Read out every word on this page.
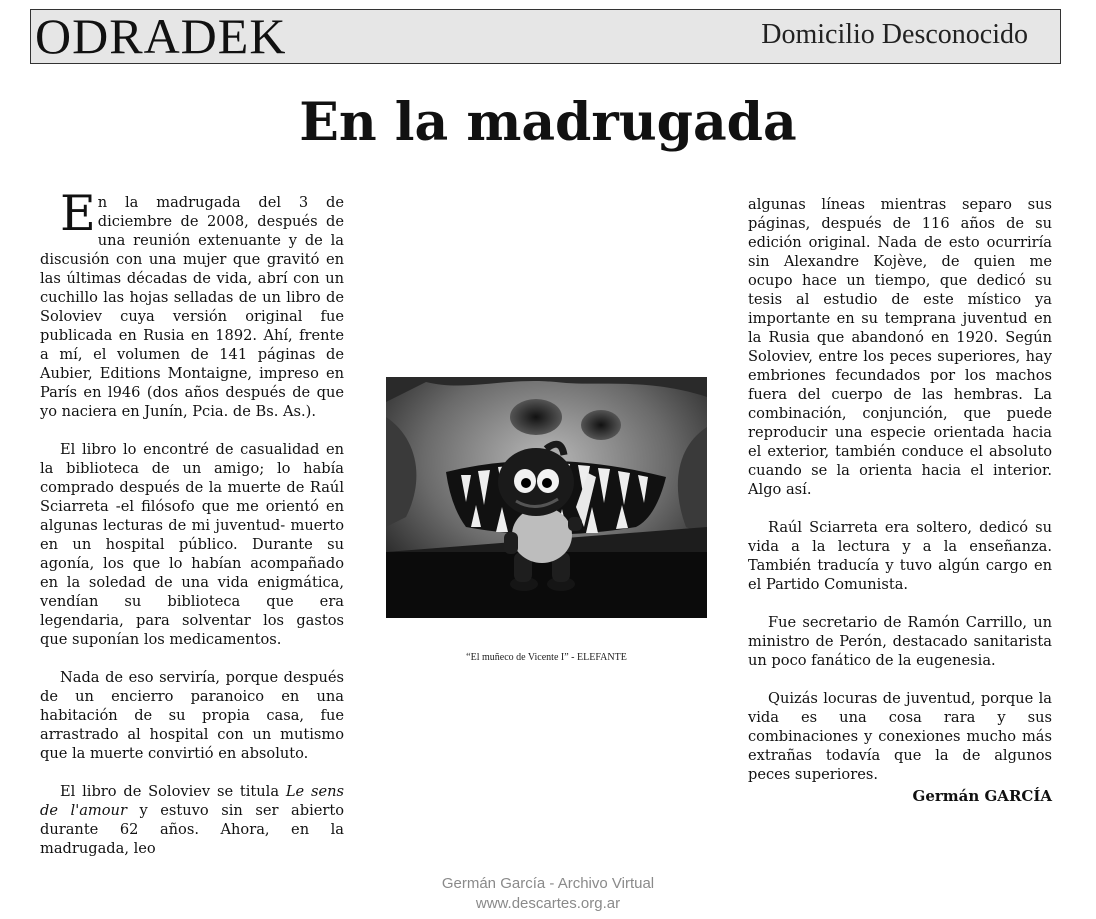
ODRADEK	Domicilio Desconocido
En la madrugada

En la madrugada del 3 de diciembre de 2008, después de una reunión extenuante y de la discusión con una mujer que gravitó en las últimas décadas de vida, abrí con un cuchillo las hojas selladas de un libro de Soloviev cuya versión original fue publicada en Rusia en 1892. Ahí, frente a mí, el volumen de 141 páginas de Aubier, Editions Montaigne, impreso en París en l946 (dos años después de que yo naciera en Junín, Pcia. de Bs. As.).

El libro lo encontré de casualidad en la biblioteca de un amigo; lo había comprado después de la muerte de Raúl Sciarreta -el filósofo que me orientó en algunas lecturas de mi juventud- muerto en un hospital público. Durante su agonía, los que lo habían acompañado en la soledad de una vida enigmática, vendían su biblioteca que era legendaria, para solventar los gastos que suponían los medicamentos.

Nada de eso serviría, porque después de un encierro paranoico en una habitación de su propia casa, fue arrastrado al hospital con un mutismo que la muerte convirtió en absoluto.

El libro de Soloviev se titula Le sens de l'amour y estuvo sin ser abierto durante 62 años. Ahora, en la madrugada, leo

“El muñeco de Vicente I” - ELEFANTE

algunas líneas mientras separo sus páginas, después de 116 años de su edición original. Nada de esto ocurriría sin Alexandre Kojève, de quien me ocupo hace un tiempo, que dedicó su tesis al estudio de este místico ya importante en su temprana juventud en la Rusia que abandonó en 1920. Según Soloviev, entre los peces superiores, hay embriones fecundados por los machos fuera del cuerpo de las hembras. La combinación, conjunción, que puede reproducir una especie orientada hacia el exterior, también conduce el absoluto cuando se la orienta hacia el interior. Algo así.

Raúl Sciarreta era soltero, dedicó su vida a la lectura y a la enseñanza. También traducía y tuvo algún cargo en el Partido Comunista.

Fue secretario de Ramón Carrillo, un ministro de Perón, destacado sanitarista un poco fanático de la eugenesia.

Quizás locuras de juventud, porque la vida es una cosa rara y sus combinaciones y conexiones mucho más extrañas todavía que la de algunos peces superiores.

Germán GARCÍA
Germán García - Archivo Virtual
www.descartes.org.ar
